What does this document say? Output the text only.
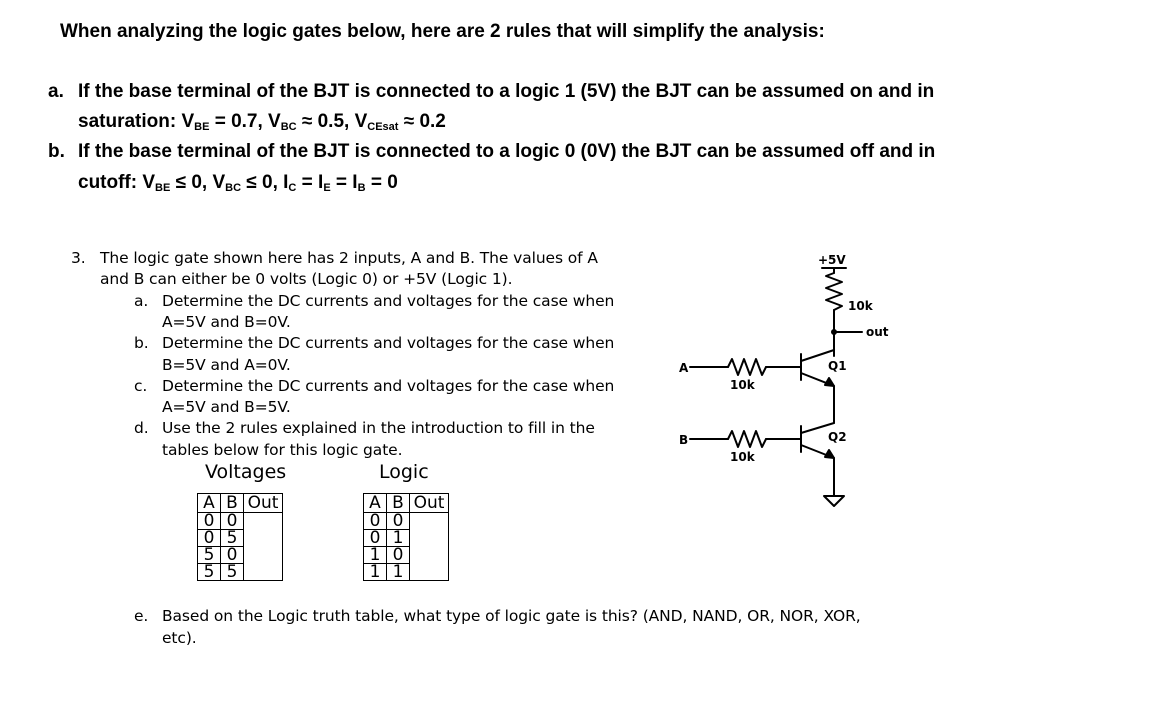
When analyzing the logic gates below, here are 2 rules that will simplify the analysis:
a. If the base terminal of the BJT is connected to a logic 1 (5V) the BJT can be assumed on and in
saturation: $V_{BE} = 0.7$, $V_{BC} \approx 0.5$, $V_{CEsat} \approx 0.2$
b. If the base terminal of the BJT is connected to a logic 0 (0V) the BJT can be assumed off and in
cutoff: $V_{BE} \le 0$, $V_{BC} \le 0$, $I_C = I_E = I_B = 0$
3. The logic gate shown here has 2 inputs, A and B. The values of A
and B can either be 0 volts (Logic 0) or +5V (Logic 1).
a. Determine the DC currents and voltages for the case when
A=5V and B=0V.
b. Determine the DC currents and voltages for the case when
B=5V and A=0V.
c. Determine the DC currents and voltages for the case when
A=5V and B=5V.
d. Use the 2 rules explained in the introduction to fill in the
tables below for this logic gate.
Voltages	Logic
A	B	Out
0	0	
0	5	
5	0	
5	5	
A	B	Out
0	0	
0	1	
1	0	
1	1	
e. Based on the Logic truth table, what type of logic gate is this? (AND, NAND, OR, NOR, XOR,
etc).
+5V
10k
out
A
10k
Q1
B
10k
Q2
